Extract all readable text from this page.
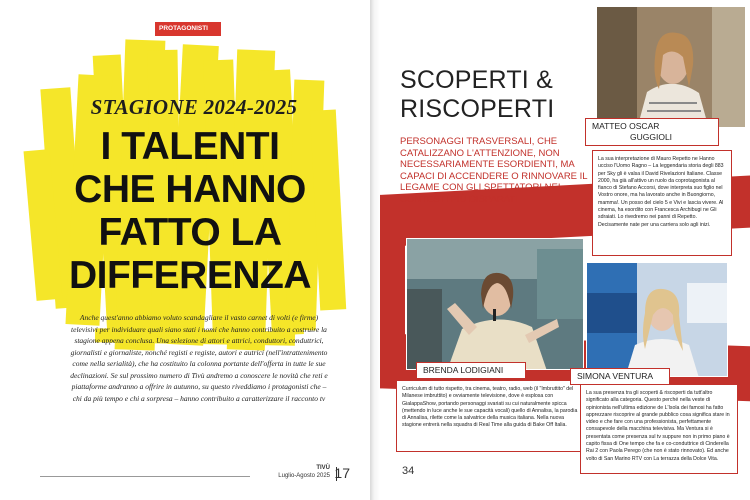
PROTAGONISTI
STAGIONE 2024-2025
I TALENTI
CHE HANNO
FATTO LA
DIFFERENZA
Anche quest'anno abbiamo voluto scandagliare il vasto carnet di volti (e firme) televisivi per individuare quali siano stati i nomi che hanno contribuito a costruire la stagione appena conclusa. Una selezione di attori e attrici, conduttori, conduttrici, giornalisti e giornaliste, nonché registi e registe, autori e autrici (nell'intrattenimento come nella serialità), che ha costituito la colonna portante dell'offerta in tutte le sue declinazioni. Se sul prossimo numero di Tivù andremo a conoscere le novità che reti e piattaforme andranno a offrire in autunno, su questo riveddiamo i protagonisti che – chi da più tempo e chi a sorpresa – hanno contribuito a caratterizzare il racconto tv
TIVÙ
Luglio-Agosto 2025 17
SCOPERTI &
RISCOPERTI
PERSONAGGI TRASVERSALI, CHE CATALIZZANO L'ATTENZIONE, NON NECESSARIAMENTE ESORDIENTI, MA CAPACI DI ACCENDERE O RINNOVARE IL LEGAME CON GLI SPETTATORI NEI CONTESTI PIÙ DISPARATI
MATTEO OSCAR
GUGGIOLI
La sua interpretazione di Mauro Repetto ne Hanno ucciso l'Uomo Ragno – La leggendaria storia degli 883 per Sky gli è valsa il David Rivelazioni Italiane. Classe 2000, ha già all'attivo un ruolo da coprotagonista al fianco di Stefano Accorsi, dove interpreta suo figlio nel Vostro onore, ma ha lavorato anche in Buongiorno, mamma!. Un posso del cielo 5 e Vivi e lascia vivere. Al cinema, ha esordito con Francesca Archibugi ne Gli sdraiati. Lo rivedremo nei panni di Repetto. Decisamente nate per una carriera solo agli inizi.
BRENDA LODIGIANI
Curriculum di tutto rispetto, tra cinema, teatro, radio, web (il "Imbruttito" del Milanese imbruttito) e ovviamente televisione, dove è esplosa con GialappaShow, portando personaggi svariati su cui naturalmente spicca (mettendo in luce anche le sue capacità vocali) quello di Annalisa, la parodia di Annalisa, rilette come la salvatrice della musica italiana. Nella nuova stagione entrerà nella squadra di Real Time alla guida di Bake Off Italia.
SIMONA VENTURA
La sua presenza tra gli scoperti & riscoperti da tutt'altro significato alla categoria. Questo perché nella veste di opinionista nell'ultima edizione de L'Isola dei famosi ha fatto apprezzare riscoprire al grande pubblico cosa significa stare in video e che fare con una professionista, perfettamente consapevole della macchina televisiva. Ma Ventura si è presentata come presenza sul tv suppure non in primo piano è capito fissa di One tempo che fa e co-conduttrice di Cinderella Rai 2 con Paola Perego (che non è stato rinnovato). Ed anche volto di San Marino RTV con La terrazza della Dolce Vita.
34
